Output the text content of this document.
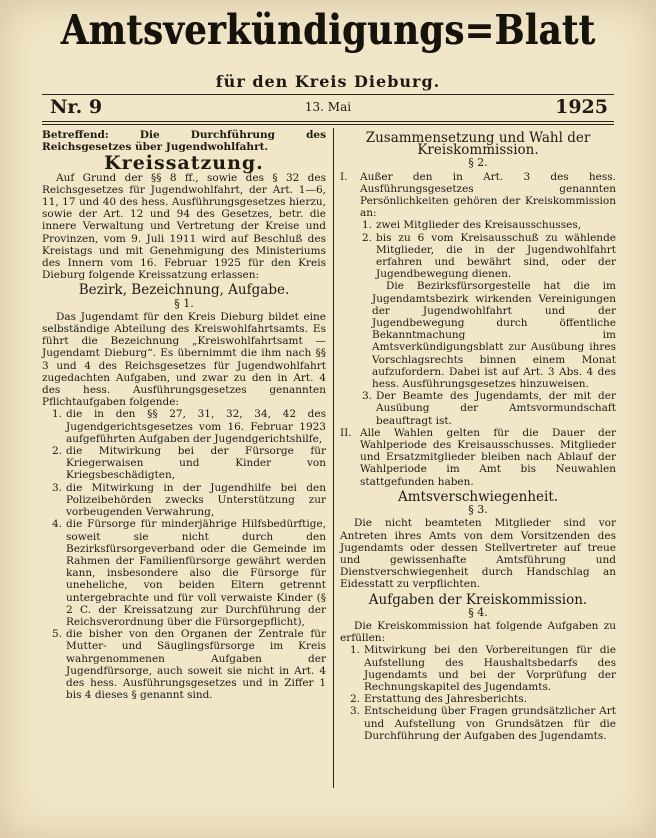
Amtsverkündigungs=Blatt
für den Kreis Dieburg.
Nr. 9	13. Mai	1925

Betreffend: Die Durchführung des Reichsgesetzes über Jugendwohlfahrt.

Kreissatzung.

Auf Grund der §§ 8 ff., sowie des § 32 des Reichsgesetzes für Jugendwohlfahrt, der Art. 1—6, 11, 17 und 40 des hess. Ausführungsgesetzes hierzu, sowie der Art. 12 und 94 des Gesetzes, betr. die innere Verwaltung und Vertretung der Kreise und Provinzen, vom 9. Juli 1911 wird auf Beschluß des Kreistags und mit Genehmigung des Ministeriums des Innern vom 16. Februar 1925 für den Kreis Dieburg folgende Kreissatzung erlassen:

Bezirk, Bezeichnung, Aufgabe.
§ 1.

Das Jugendamt für den Kreis Dieburg bildet eine selbständige Abteilung des Kreiswohlfahrtsamts. Es führt die Bezeichnung „Kreiswohlfahrtsamt — Jugendamt Dieburg“. Es übernimmt die ihm nach §§ 3 und 4 des Reichsgesetzes für Jugendwohlfahrt zugedachten Aufgaben, und zwar zu den in Art. 4 des hess. Ausführungsgesetzes genannten Pflichtaufgaben folgende:

1. die in den §§ 27, 31, 32, 34, 42 des Jugendgerichtsgesetzes vom 16. Februar 1923 aufgeführten Aufgaben der Jugendgerichtshilfe,
2. die Mitwirkung bei der Fürsorge für Kriegerwaisen und Kinder von Kriegsbeschädigten,
3. die Mitwirkung in der Jugendhilfe bei den Polizeibehörden zwecks Unterstützung zur vorbeugenden Verwahrung,
4. die Fürsorge für minderjährige Hilfsbedürftige, soweit sie nicht durch den Bezirksfürsorgeverband oder die Gemeinde im Rahmen der Familienfürsorge gewährt werden kann, insbesondere also die Fürsorge für uneheliche, von beiden Eltern getrennt untergebrachte und für voll verwaiste Kinder (§ 2 C. der Kreissatzung zur Durchführung der Reichsverordnung über die Fürsorgepflicht),
5. die bisher von den Organen der Zentrale für Mutter- und Säuglingsfürsorge im Kreis wahrgenommenen Aufgaben der Jugendfürsorge, auch soweit sie nicht in Art. 4 des hess. Ausführungsgesetzes und in Ziffer 1 bis 4 dieses § genannt sind.
Zusammensetzung und Wahl der Kreiskommission.
§ 2.
I.	Außer den in Art. 3 des hess. Ausführungsgesetzes genannten Persönlichkeiten gehören der Kreiskommission an:
1. zwei Mitglieder des Kreisausschusses,
2. bis zu 6 vom Kreisausschuß zu wählende Mitglieder, die in der Jugendwohlfahrt erfahren und bewährt sind, oder der Jugendbewegung dienen.

Die Bezirksfürsorgestelle hat die im Jugendamtsbezirk wirkenden Vereinigungen der Jugendwohlfahrt und der Jugendbewegung durch öffentliche Bekanntmachung im Amtsverkündigungsblatt zur Ausübung ihres Vorschlagsrechts binnen einem Monat aufzufordern. Dabei ist auf Art. 3 Abs. 4 des hess. Ausführungsgesetzes hinzuweisen.

3. Der Beamte des Jugendamts, der mit der Ausübung der Amtsvormundschaft beauftragt ist.
II. Alle Wahlen gelten für die Dauer der Wahlperiode des Kreisausschusses. Mitglieder und Ersatzmitglieder bleiben nach Ablauf der Wahlperiode im Amt bis Neuwahlen stattgefunden haben.
Amtsverschwiegenheit.
§ 3.

Die nicht beamteten Mitglieder sind vor Antreten ihres Amts von dem Vorsitzenden des Jugendamts oder dessen Stellvertreter auf treue und gewissenhafte Amtsführung und Dienstverschwiegenheit durch Handschlag an Eidesstatt zu verpflichten.

Aufgaben der Kreiskommission.
§ 4.

Die Kreiskommission hat folgende Aufgaben zu erfüllen:

1. Mitwirkung bei den Vorbereitungen für die Aufstellung des Haushaltsbedarfs des Jugendamts und bei der Vorprüfung der Rechnungskapitel des Jugendamts.
2. Erstattung des Jahresberichts.
3. Entscheidung über Fragen grundsätzlicher Art und Aufstellung von Grundsätzen für die Durchführung der Aufgaben des Jugendamts.
